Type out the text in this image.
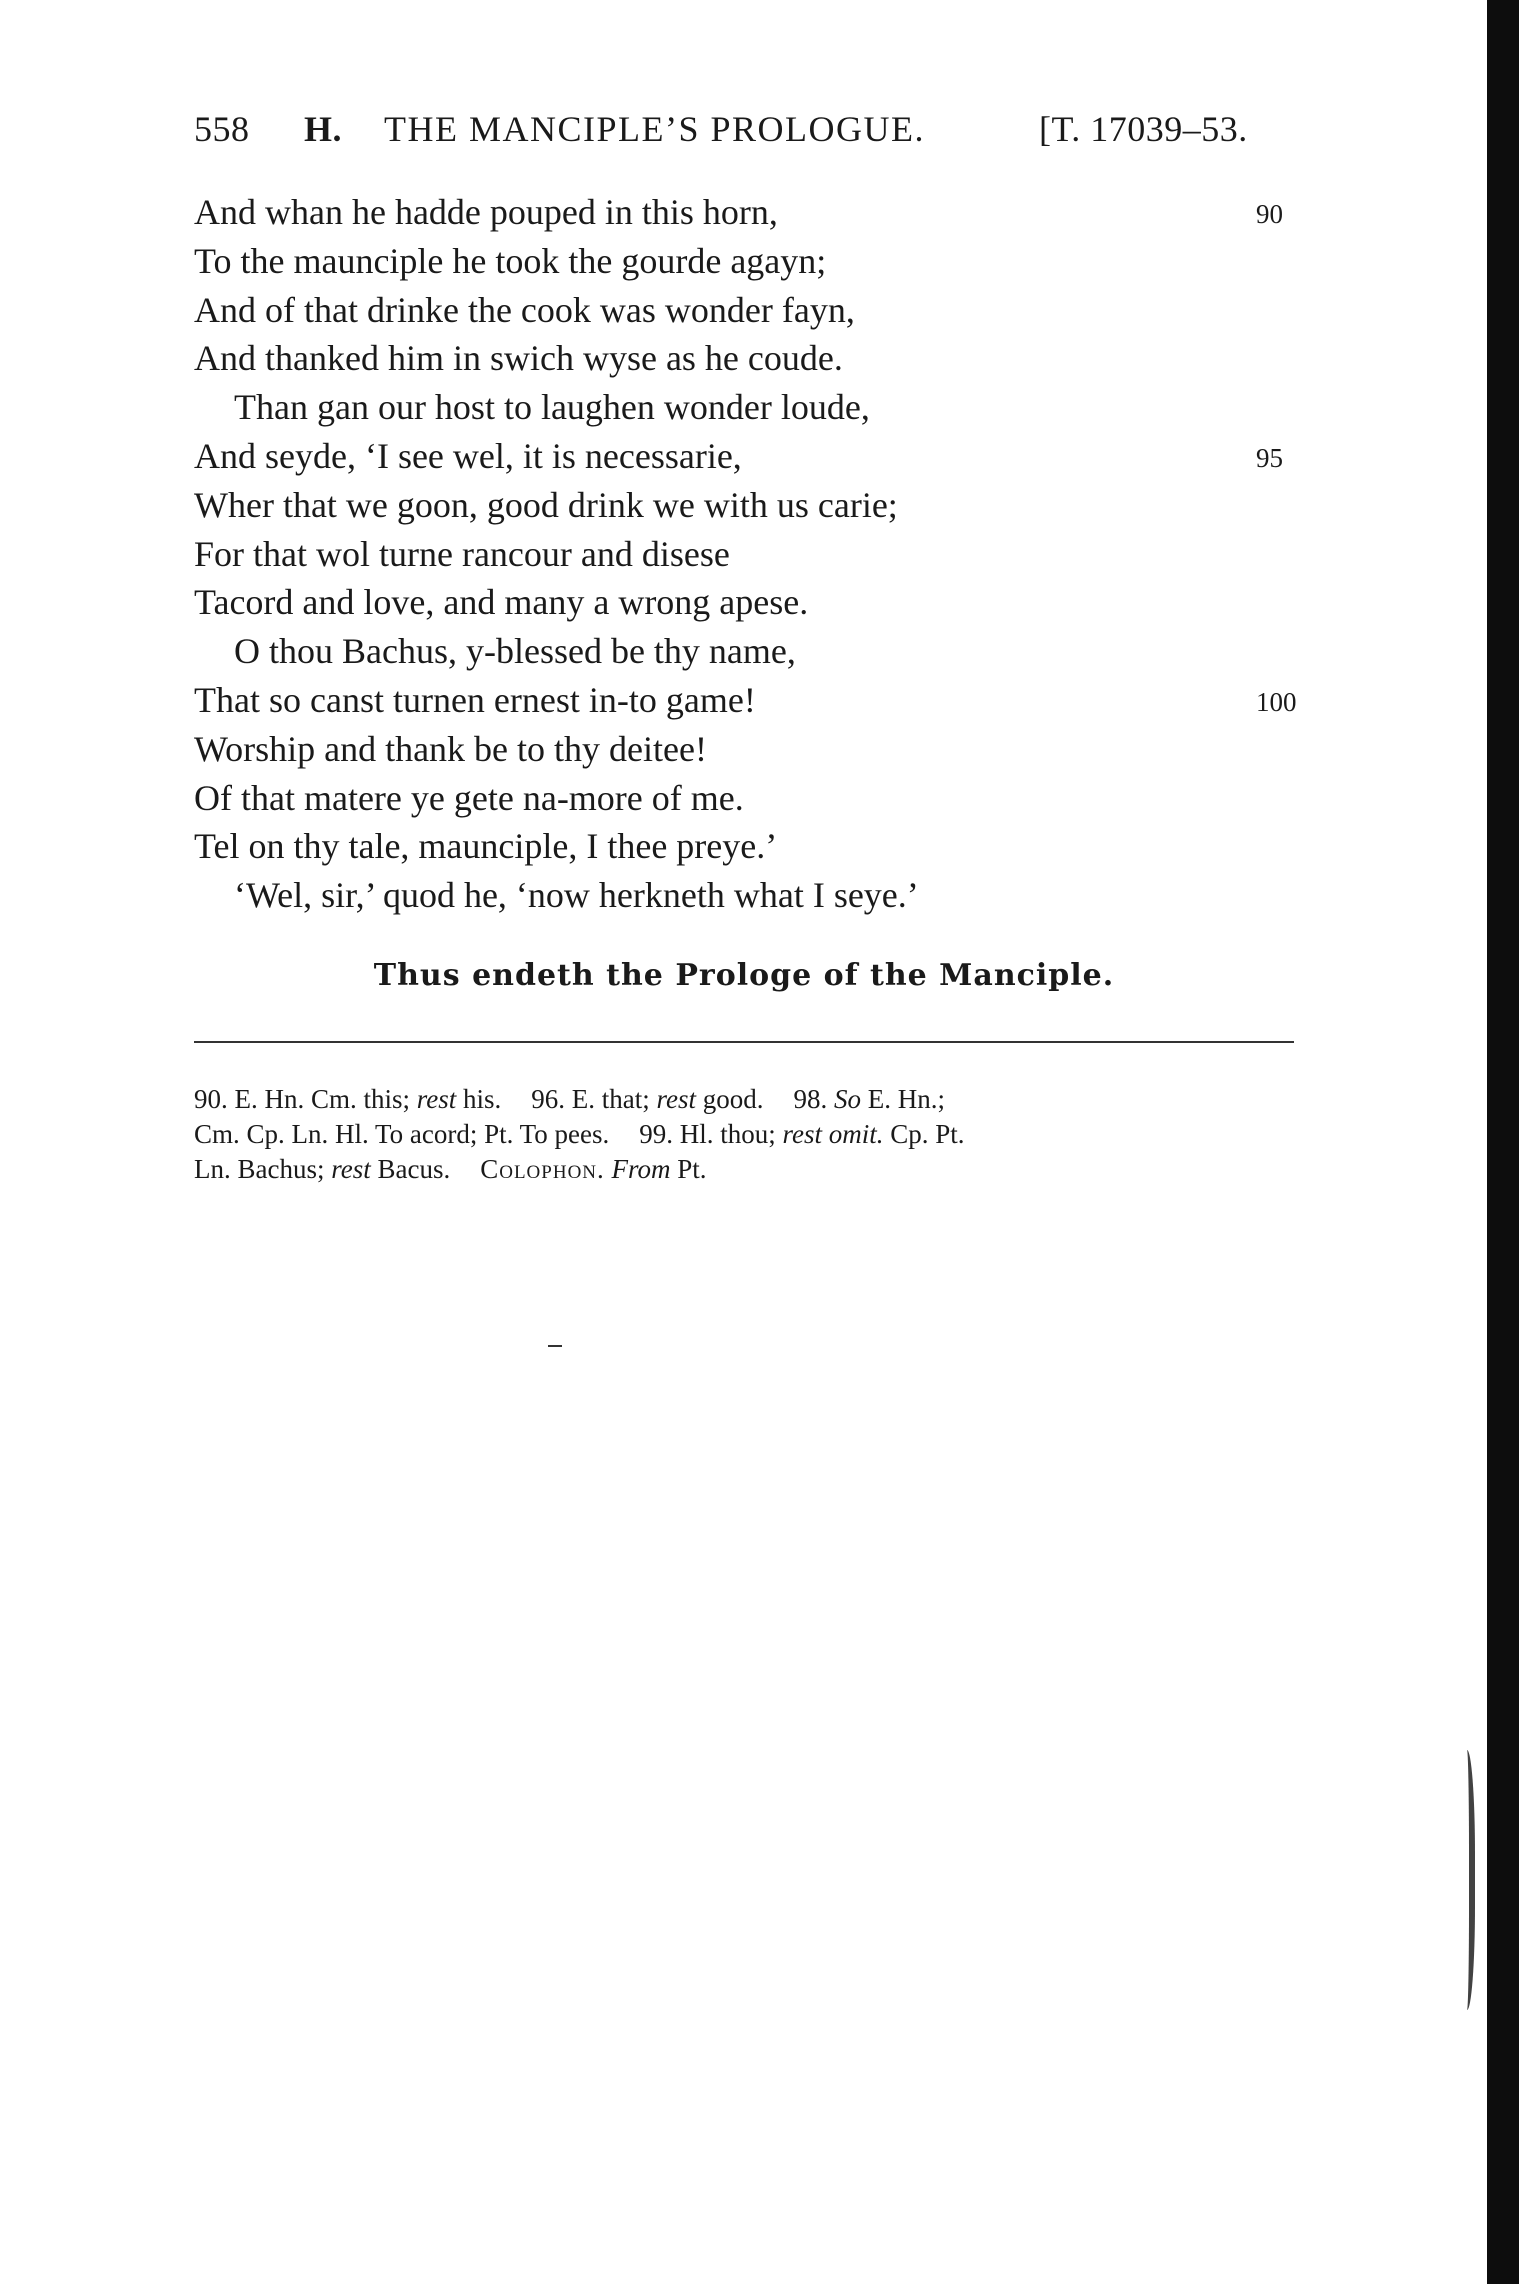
558 H. THE MANCIPLE’S PROLOGUE.	[T. 17039–53.
And whan he hadde pouped in this horn,	90
To the maunciple he took the gourde agayn;
And of that drinke the cook was wonder fayn,
And thanked him in swich wyse as he coude.
Than gan our host to laughen wonder loude,
And seyde, ‘I see wel, it is necessarie,	95
Wher that we goon, good drink we with us carie;
For that wol turne rancour and disese
Tacord and love, and many a wrong apese.
O thou Bachus, y-blessed be thy name,
That so canst turnen ernest in-to game!	100
Worship and thank be to thy deitee!
Of that matere ye gete na-more of me.
Tel on thy tale, maunciple, I thee preye.’
‘Wel, sir,’ quod he, ‘now herkneth what I seye.’
Thus endeth the Prologe of the Manciple.
90. E. Hn. Cm. this; rest his. 96. E. that; rest good. 98. So E. Hn.;
Cm. Cp. Ln. Hl. To acord; Pt. To pees. 99. Hl. thou; rest omit. Cp. Pt.
Ln. Bachus; rest Bacus. Colophon. From Pt.
